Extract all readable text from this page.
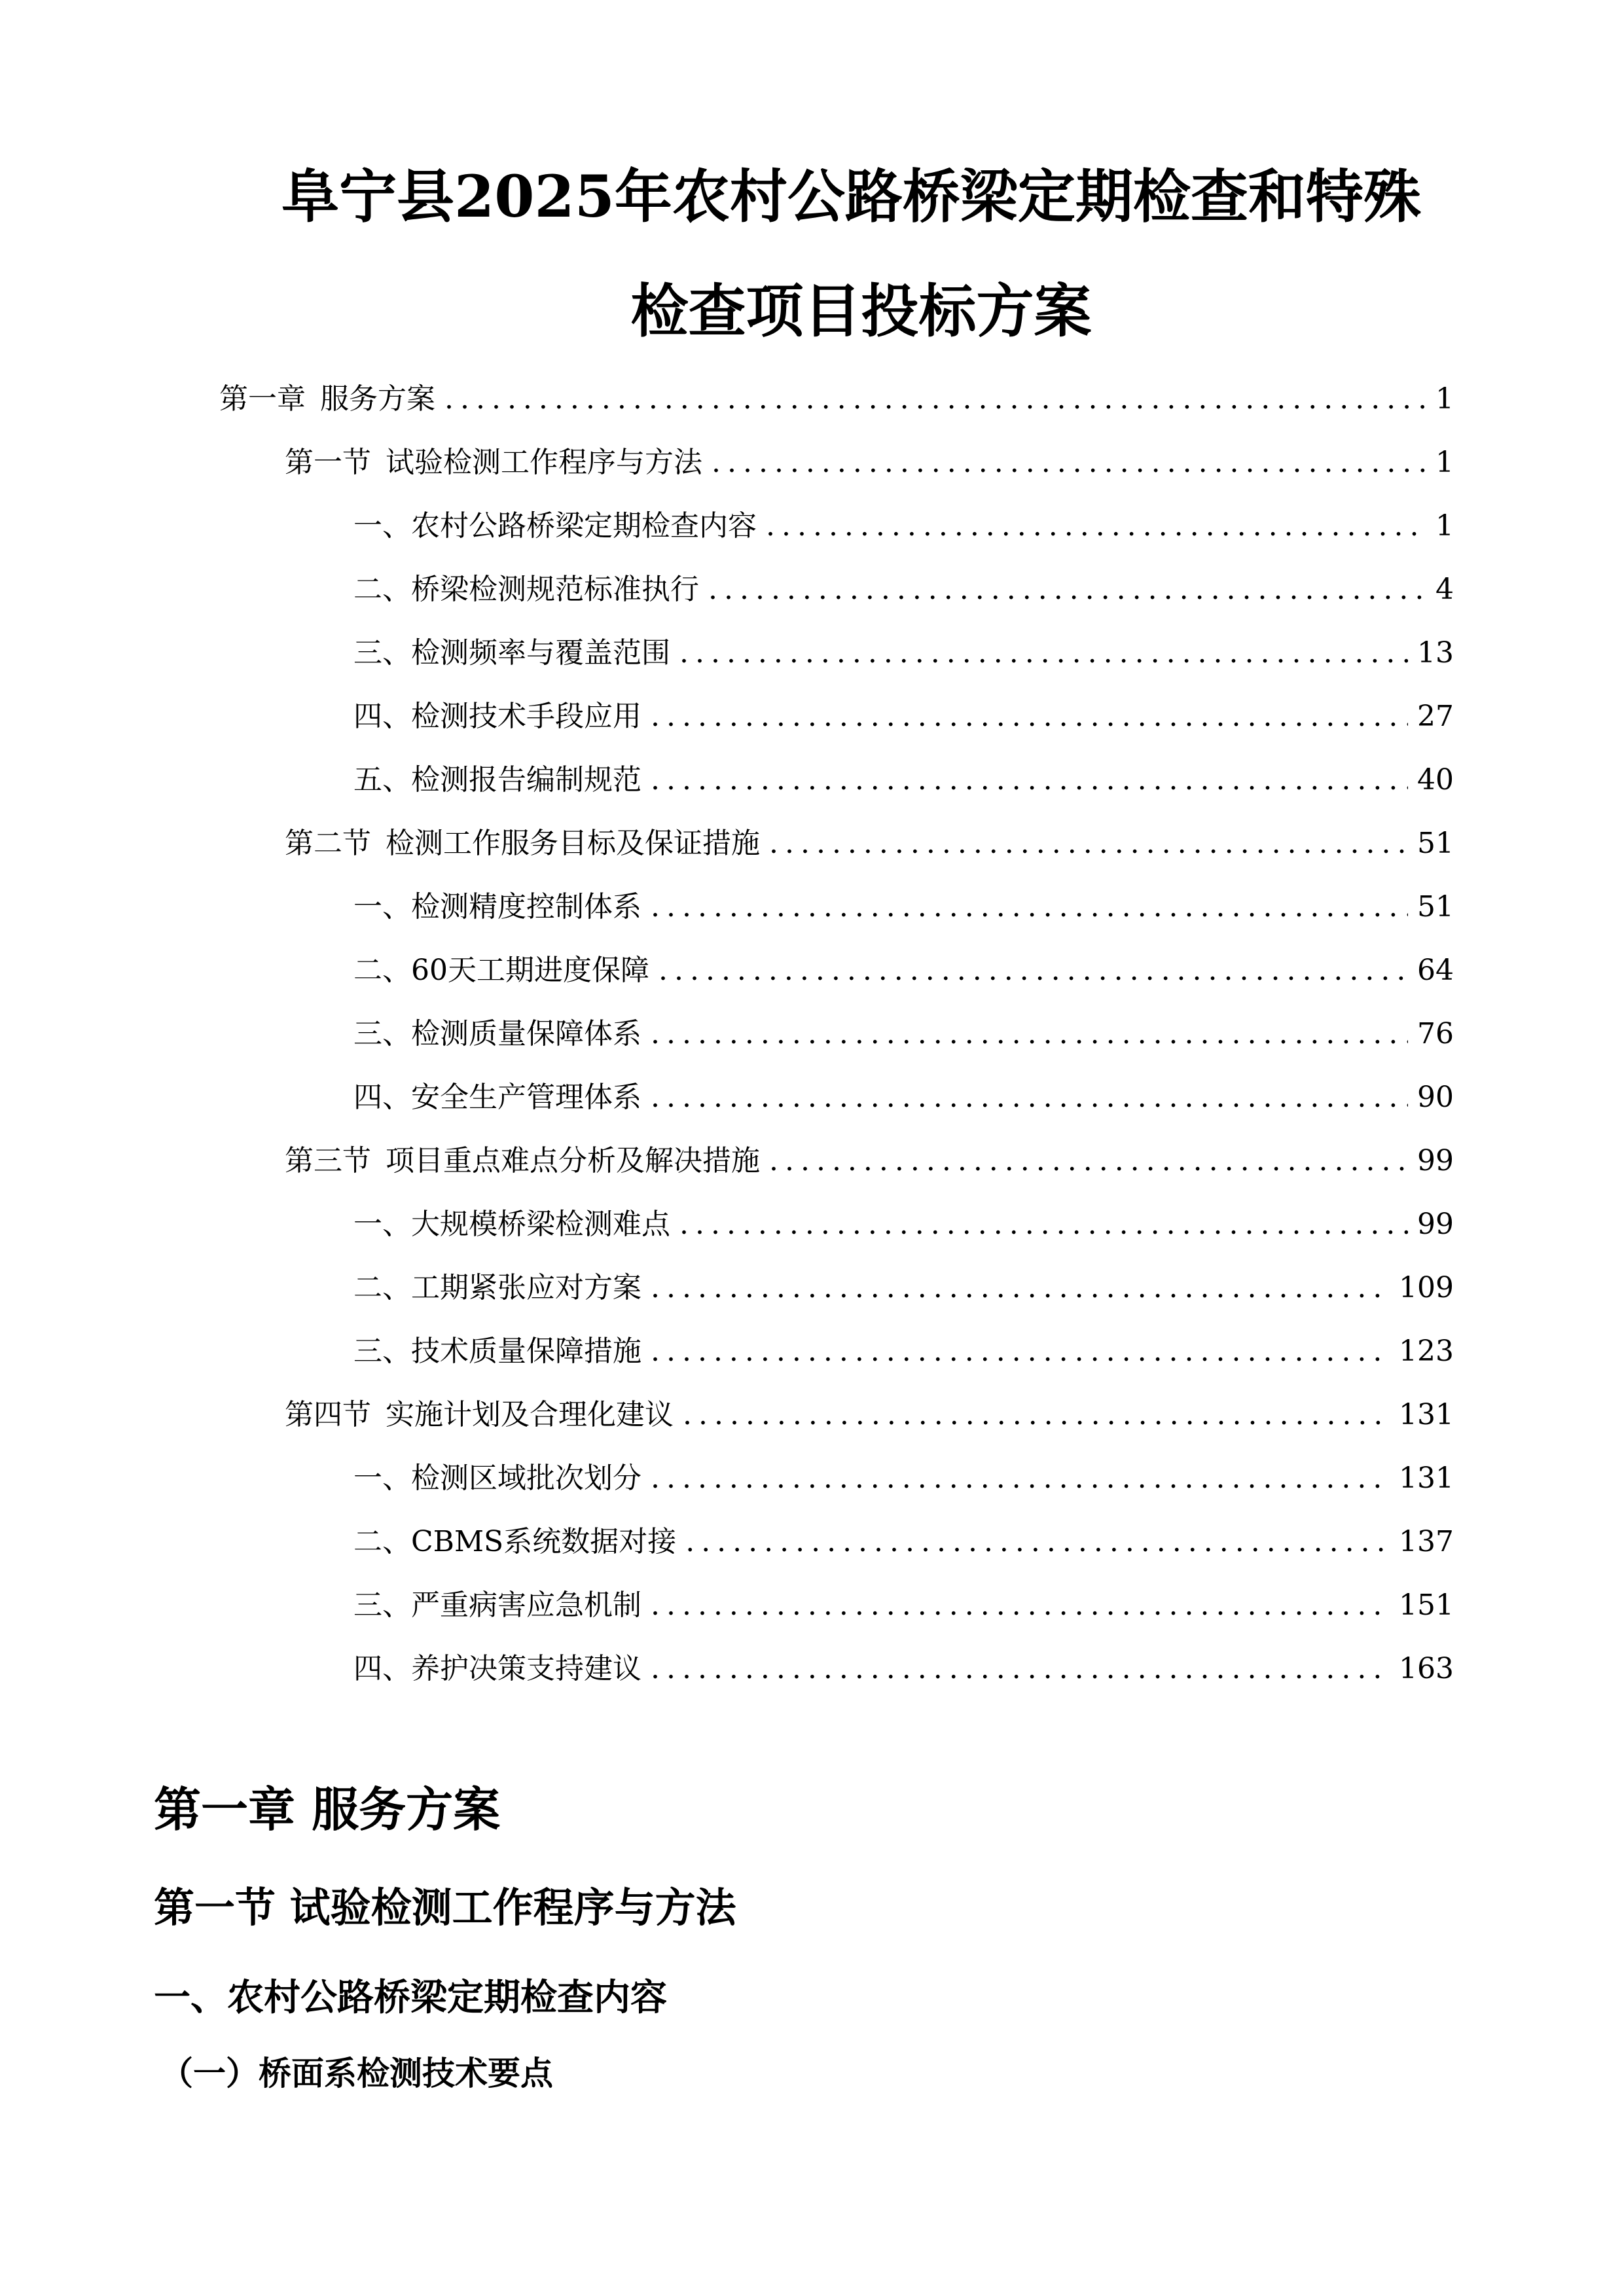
阜宁县2025年农村公路桥梁定期检查和特殊
检查项目投标方案
第一章 服务方案 .....	1
第一节 试验检测工作程序与方法 .....	1
一、 农村公路桥梁定期检查内容 .....	1
二、 桥梁检测规范标准执行 .....	4
三、 检测频率与覆盖范围 .....	13
四、 检测技术手段应用 .....	27
五、 检测报告编制规范 .....	40
第二节 检测工作服务目标及保证措施 .....	51
一、 检测精度控制体系 .....	51
二、 60天工期进度保障 .....	64
三、 检测质量保障体系 .....	76
四、 安全生产管理体系 .....	90
第三节 项目重点难点分析及解决措施 .....	99
一、 大规模桥梁检测难点 .....	99
二、 工期紧张应对方案 .....	109
三、 技术质量保障措施 .....	123
第四节 实施计划及合理化建议 .....	131
一、 检测区域批次划分 .....	131
二、 CBMS系统数据对接 .....	137
三、 严重病害应急机制 .....	151
四、 养护决策支持建议 .....	163
第一章 服务方案
第一节 试验检测工作程序与方法
一、农村公路桥梁定期检查内容
（一）桥面系检测技术要点
